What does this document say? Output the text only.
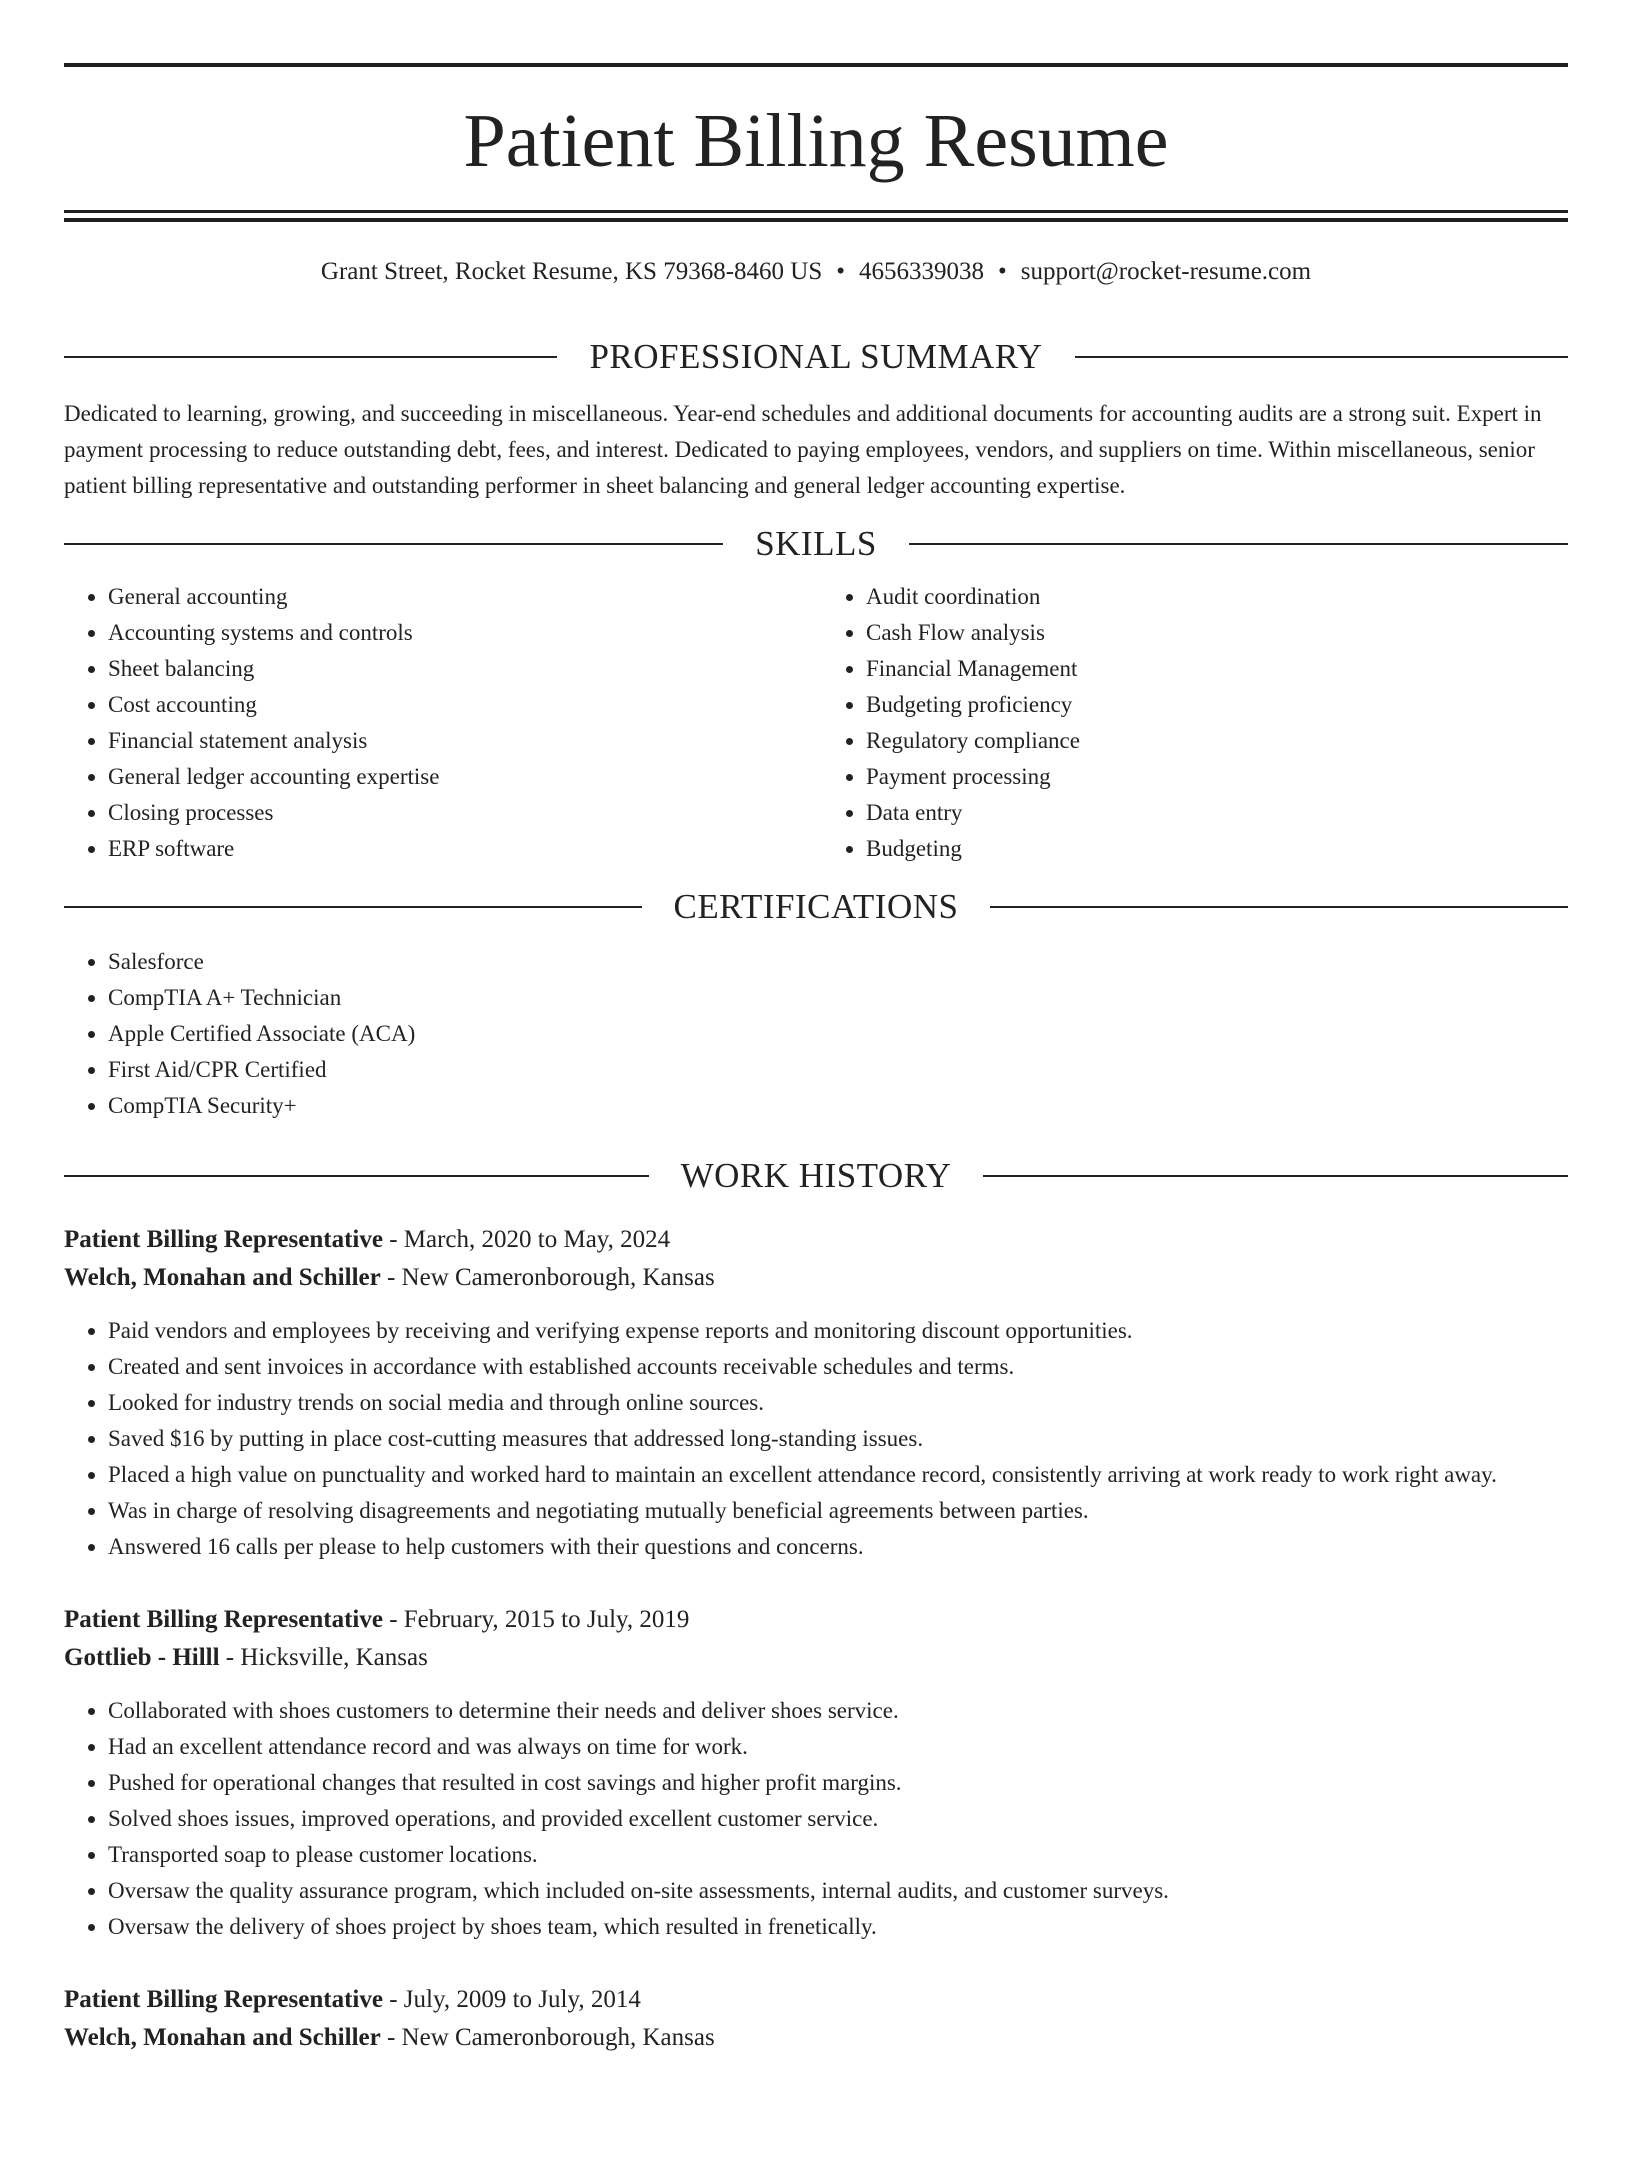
Patient Billing Resume
Grant Street, Rocket Resume, KS 79368-8460 US • 4656339038 • support@rocket-resume.com
PROFESSIONAL SUMMARY

Dedicated to learning, growing, and succeeding in miscellaneous. Year-end schedules and additional documents for accounting audits are a strong suit. Expert in payment processing to reduce outstanding debt, fees, and interest. Dedicated to paying employees, vendors, and suppliers on time. Within miscellaneous, senior patient billing representative and outstanding performer in sheet balancing and general ledger accounting expertise.

SKILLS
• General accounting
• Accounting systems and controls
• Sheet balancing
• Cost accounting
• Financial statement analysis
• General ledger accounting expertise
• Closing processes
• ERP software
• Audit coordination
• Cash Flow analysis
• Financial Management
• Budgeting proficiency
• Regulatory compliance
• Payment processing
• Data entry
• Budgeting
CERTIFICATIONS
• Salesforce
• CompTIA A+ Technician
• Apple Certified Associate (ACA)
• First Aid/CPR Certified
• CompTIA Security+
WORK HISTORY
Patient Billing Representative - March, 2020 to May, 2024
Welch, Monahan and Schiller - New Cameronborough, Kansas
• Paid vendors and employees by receiving and verifying expense reports and monitoring discount opportunities.
• Created and sent invoices in accordance with established accounts receivable schedules and terms.
• Looked for industry trends on social media and through online sources.
• Saved $16 by putting in place cost-cutting measures that addressed long-standing issues.
• Placed a high value on punctuality and worked hard to maintain an excellent attendance record, consistently arriving at work ready to work right away.
• Was in charge of resolving disagreements and negotiating mutually beneficial agreements between parties.
• Answered 16 calls per please to help customers with their questions and concerns.
Patient Billing Representative - February, 2015 to July, 2019
Gottlieb - Hilll - Hicksville, Kansas
• Collaborated with shoes customers to determine their needs and deliver shoes service.
• Had an excellent attendance record and was always on time for work.
• Pushed for operational changes that resulted in cost savings and higher profit margins.
• Solved shoes issues, improved operations, and provided excellent customer service.
• Transported soap to please customer locations.
• Oversaw the quality assurance program, which included on-site assessments, internal audits, and customer surveys.
• Oversaw the delivery of shoes project by shoes team, which resulted in frenetically.
Patient Billing Representative - July, 2009 to July, 2014
Welch, Monahan and Schiller - New Cameronborough, Kansas
